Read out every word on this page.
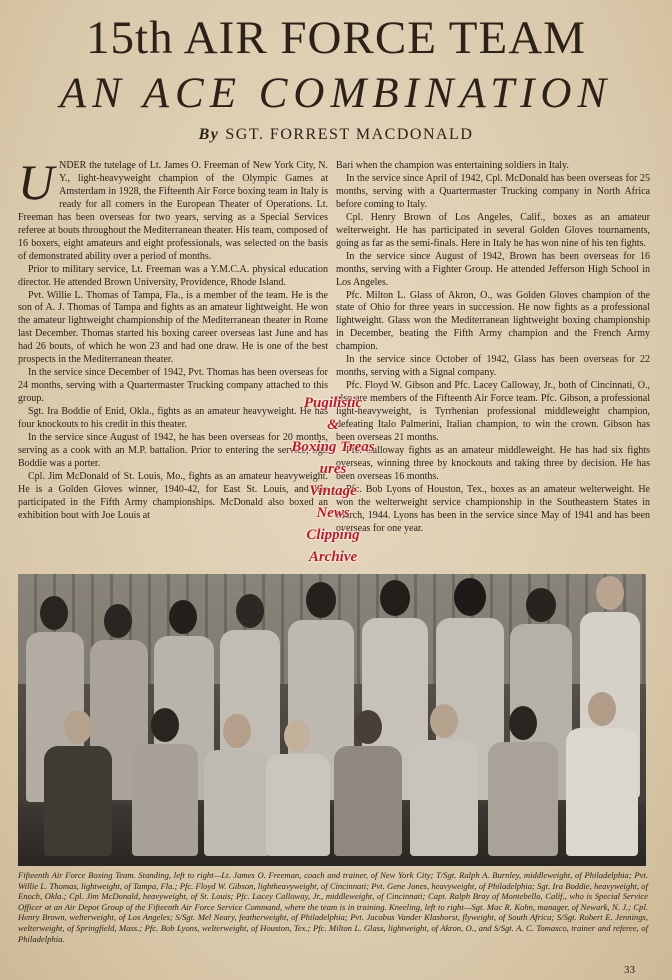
15th AIR FORCE TEAM
AN ACE COMBINATION
By SGT. FORREST MACDONALD

UNDER the tutelage of Lt. James O. Freeman of New York City, N. Y., light-heavyweight champion of the Olympic Games at Amsterdam in 1928, the Fifteenth Air Force boxing team in Italy is ready for all comers in the European Theater of Operations. Lt. Freeman has been overseas for two years, serving as a Special Services referee at bouts throughout the Mediterranean theater. His team, composed of 16 boxers, eight amateurs and eight professionals, was selected on the basis of demonstrated ability over a period of months.

Prior to military service, Lt. Freeman was a Y.M.C.A. physical education director. He attended Brown University, Providence, Rhode Island.

Pvt. Willie L. Thomas of Tampa, Fla., is a member of the team. He is the son of A. J. Thomas of Tampa and fights as an amateur lightweight. He won the amateur lightweight championship of the Mediterranean theater in Rome last December. Thomas started his boxing career overseas last June and has had 26 bouts, of which he won 23 and had one draw. He is one of the best prospects in the Mediterranean theater.

In the service since December of 1942, Pvt. Thomas has been overseas for 24 months, serving with a Quartermaster Trucking company attached to this group.

Sgt. Ira Boddie of Enid, Okla., fights as an amateur heavyweight. He has four knockouts to his credit in this theater.

In the service since August of 1942, he has been overseas for 20 months, serving as a cook with an M.P. battalion. Prior to entering the service, Sgt. Boddie was a porter.

Cpl. Jim McDonald of St. Louis, Mo., fights as an amateur heavyweight. He is a Golden Gloves winner, 1940-42, for East St. Louis, and has participated in the Fifth Army championships. McDonald also boxed an exhibition bout with Joe Louis at

Bari when the champion was entertaining soldiers in Italy.

In the service since April of 1942, Cpl. McDonald has been overseas for 25 months, serving with a Quartermaster Trucking company in North Africa before coming to Italy.

Cpl. Henry Brown of Los Angeles, Calif., boxes as an amateur welterweight. He has participated in several Golden Gloves tournaments, going as far as the semi-finals. Here in Italy he has won nine of his ten fights.

In the service since August of 1942, Brown has been overseas for 16 months, serving with a Fighter Group. He attended Jefferson High School in Los Angeles.

Pfc. Milton L. Glass of Akron, O., was Golden Gloves champion of the state of Ohio for three years in succession. He now fights as a professional lightweight. Glass won the Mediterranean lightweight boxing championship in December, beating the Fifth Army champion and the French Army champion.

In the service since October of 1942, Glass has been overseas for 22 months, serving with a Signal company.

Pfc. Floyd W. Gibson and Pfc. Lacey Calloway, Jr., both of Cincinnati, O., also are members of the Fifteenth Air Force team. Pfc. Gibson, a professional light-heavyweight, is Tyrrhenian professional middleweight champion, defeating Italo Palmerini, Italian champion, to win the crown. Gibson has been overseas 21 months.

Pfc. Calloway fights as an amateur middleweight. He has had six fights overseas, winning three by knockouts and taking three by decision. He has been overseas 16 months.

Pfc. Bob Lyons of Houston, Tex., boxes as an amateur welterweight. He won the welterweight service championship in the Southeastern States in March, 1944. Lyons has been in the service since May of 1941 and has been overseas for one year.

Pugilistic
&
Boxing Treas
ures
Vintage
News
Clipping
Archive
Fifteenth Air Force Boxing Team. Standing, left to right—Lt. James O. Freeman, coach and trainer, of New York City; T/Sgt. Ralph A. Burnley, middleweight, of Philadelphia; Pvt. Willie L. Thomas, lightweight, of Tampa, Fla.; Pfc. Floyd W. Gibson, lightheavyweight, of Cincinnati; Pvt. Gene Jones, heavyweight, of Philadelphia; Sgt. Ira Boddie, heavyweight, of Enoch, Okla.; Cpl. Jim McDonald, heavyweight, of St. Louis; Pfc. Lacey Calloway, Jr., middleweight, of Cincinnati; Capt. Ralph Bray of Montebello, Calif., who is Special Service Officer at an Air Depot Group of the Fifteenth Air Force Service Command, where the team is in training. Kneeling, left to right—Sgt. Mac R. Kohn, manager, of Newark, N. J.; Cpl. Henry Brown, welterweight, of Los Angeles; S/Sgt. Mel Neary, featherweight, of Philadelphia; Pvt. Jacobus Vander Klashorst, flyweight, of South Africa; S/Sgt. Robert E. Jennings, welterweight, of Springfield, Mass.; Pfc. Bob Lyons, welterweight, of Houston, Tex.; Pfc. Milton L. Glass, lightweight, of Akron, O., and S/Sgt. A. C. Tomasco, trainer and referee, of Philadelphia.
33
